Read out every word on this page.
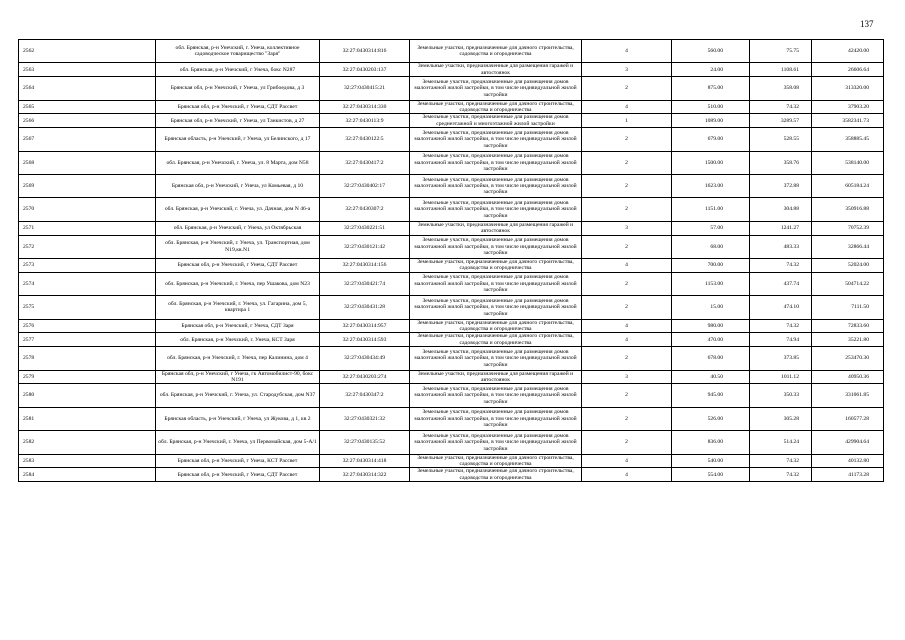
137
2562	обл. Брянская, р-н Унечский, г. Унеча, коллективное садоводческое товарищество "Заря"	32:27:0430314:816	Земельные участки, предназначенные для дачного строительства, садоводства и огородничества	4	560.00	75.75	42420.00
2563	обл. Брянская, р-н Унечский, г Унеча, бокс N287	32:27:0430203:137	Земельные участки, предназначенные для размещения гаражей и автостоянок	3	24.00	1108.61	26606.64
2564	Брянская обл, р-н Унечский, г Унеча, ул Грибоедова, д 3	32:27:0430415:21	Земельные участки, предназначенные для размещения домов малоэтажной жилой застройки, в том числе индивидуальной жилой застройки	2	875.00	358.08	313320.00
2565	Брянская обл, р-н Унечский, г Унеча, СДТ Рассвет	32:27:0430314:330	Земельные участки, предназначенные для дачного строительства, садоводства и огородничества	4	510.00	74.32	37903.20
2566	Брянская обл, р-н Унечский, г Унеча, ул Танкистов, д 27	32:27:0430113:9	Земельные участки, предназначенные для размещения домов среднеэтажной и многоэтажной жилой застройки	1	1089.00	3289.57	3582341.73
2567	Брянская область, р-н Унечский, г Унеча, ул Белинского, д 17	32:27:0430122:5	Земельные участки, предназначенные для размещения домов малоэтажной жилой застройки, в том числе индивидуальной жилой застройки	2	679.00	528.55	358885.45
2568	обл. Брянская, р-н Унечский, г. Унеча, ул. 8 Марта, дом N58	32:27:0430417:2	Земельные участки, предназначенные для размещения домов малоэтажной жилой застройки, в том числе индивидуальной жилой застройки	2	1500.00	358.76	538140.00
2569	Брянская обл, р-н Унечский, г Унеча, ул Комьевая, д 10	32:27:0430402:17	Земельные участки, предназначенные для размещения домов малоэтажной жилой застройки, в том числе индивидуальной жилой застройки	2	1623.00	372.88	605184.24
2570	обл. Брянская, р-н Унечский, г. Унеча, ул. Дачная, дом N 46-а	32:27:0430307:2	Земельные участки, предназначенные для размещения домов малоэтажной жилой застройки, в том числе индивидуальной жилой застройки	2	1151.00	304.88	350916.88
2571	обл. Брянская, р-н Унечский, г Унеча, ул Октябрьская	32:27:0430221:51	Земельные участки, предназначенные для размещения гаражей и автостоянок	3	57.00	1241.27	70752.39
2572	обл. Брянская, р-н Унечский, г. Унеча, ул. Транспортная, дом N19,кв.N1	32:27:0430121:42	Земельные участки, предназначенные для размещения домов малоэтажной жилой застройки, в том числе индивидуальной жилой застройки	2	68.00	483.33	32866.44
2573	Брянская обл, р-н Унечский, г Унеча, СДТ Рассвет	32:27:0430314:156	Земельные участки, предназначенные для дачного строительства, садоводства и огородничества	4	700.00	74.32	52024.00
2574	обл. Брянская, р-н Унечский, г. Унеча, пер Ушакова, дом N23	32:27:0430421:74	Земельные участки, предназначенные для размещения домов малоэтажной жилой застройки, в том числе индивидуальной жилой застройки	2	1153.00	437.74	504714.22
2575	обл. Брянская, р-н Унечский, г. Унеча, ул. Гагарина, дом 5, квартира 1	32:27:0430431:28	Земельные участки, предназначенные для размещения домов малоэтажной жилой застройки, в том числе индивидуальной жилой застройки	2	15.00	474.10	7111.50
2576	Брянская обл, р-н Унечский, г Унеча, СДТ Заря	32:27:0430314:957	Земельные участки, предназначенные для дачного строительства, садоводства и огородничества	4	980.00	74.32	72833.60
2577	обл. Брянская, р-н Унечский, г. Унеча, КСТ Заря	32:27:0430314:593	Земельные участки, предназначенные для дачного строительства, садоводства и огородничества	4	470.00	74.94	35221.80
2578	обл. Брянская, р-н Унечский, г. Унеча, пер Калинина, дом 4	32:27:0430434:49	Земельные участки, предназначенные для размещения домов малоэтажной жилой застройки, в том числе индивидуальной жилой застройки	2	678.00	373.85	253470.30
2579	Брянская обл, р-н Унечский, г Унеча, гк Автомобилист-90, бокс N191	32:27:0430203:274	Земельные участки, предназначенные для размещения гаражей и автостоянок	3	40.50	1011.12	40950.36
2580	обл. Брянская, р-н Унечский, г. Унеча, ул. Стародубская, дом N37	32:27:0430347:2	Земельные участки, предназначенные для размещения домов малоэтажной жилой застройки, в том числе индивидуальной жилой застройки	2	945.00	350.33	331061.85
2581	Брянская область, р-н Унечский, г Унеча, ул Жукова, д 1, кв 2	32:27:0430321:32	Земельные участки, предназначенные для размещения домов малоэтажной жилой застройки, в том числе индивидуальной жилой застройки	2	526.00	305.28	160577.28
2582	обл. Брянская, р-н Унечский, г. Унеча, ул Первомайская, дом 5-А/1	32:27:0430135:52	Земельные участки, предназначенные для размещения домов малоэтажной жилой застройки, в том числе индивидуальной жилой застройки	2	836.00	514.24	429904.64
2583	Брянская обл, р-н Унечский, г Унеча, КСТ Рассвет	32:27:0430314:418	Земельные участки, предназначенные для дачного строительства, садоводства и огородничества	4	540.00	74.32	40132.80
2584	Брянская обл, р-н Унечский, г Унеча, СДТ Рассвет	32:27:0430314:322	Земельные участки, предназначенные для дачного строительства, садоводства и огородничества	4	554.00	74.32	41173.28
